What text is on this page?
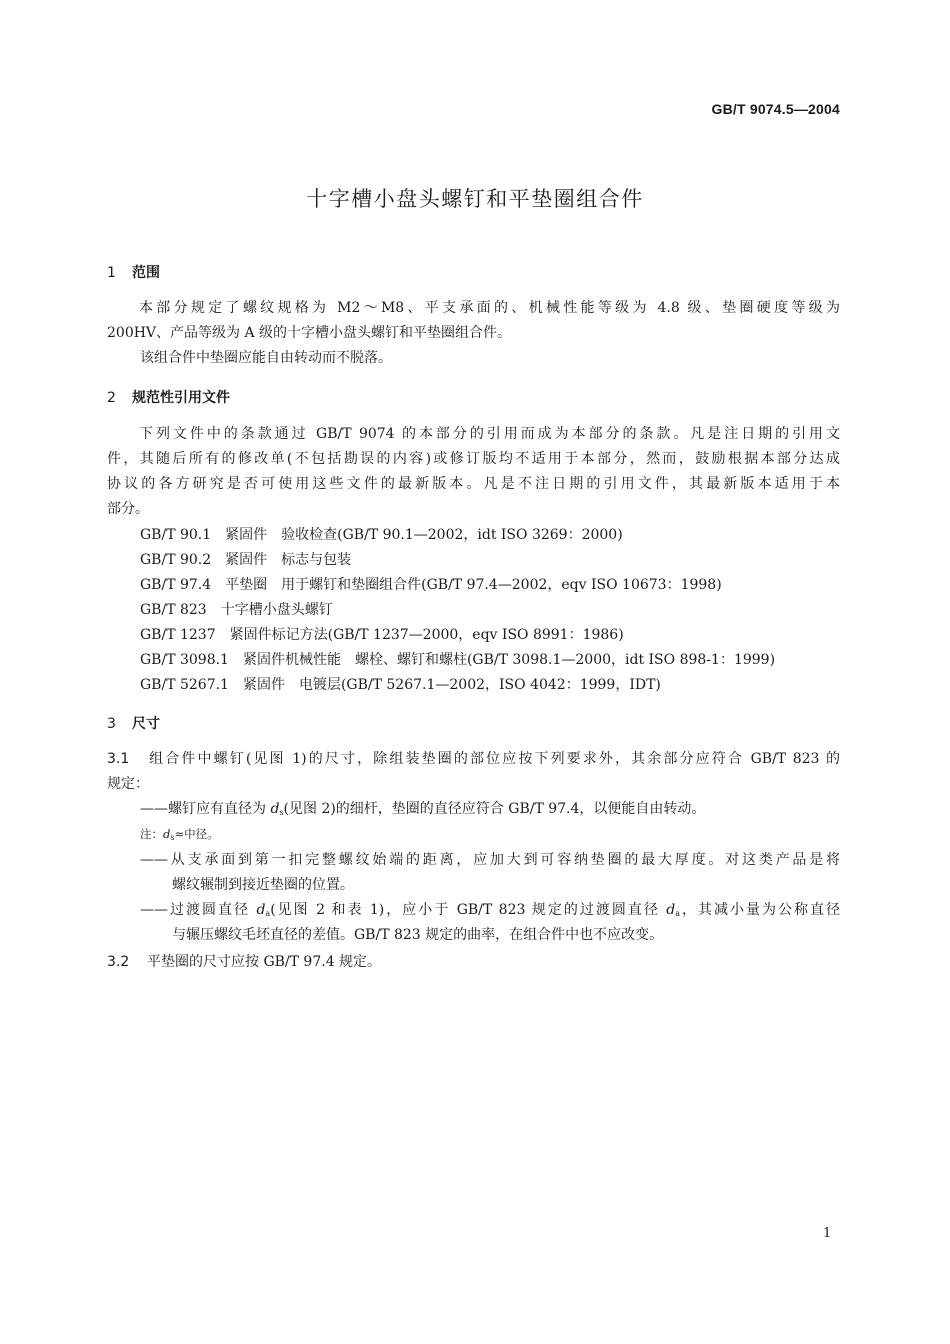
GB/T 9074.5—2004
十字槽小盘头螺钉和平垫圈组合件
1 范围
本部分规定了螺纹规格为 M2～M8、平支承面的、机械性能等级为 4.8 级、垫圈硬度等级为
200HV、产品等级为 A 级的十字槽小盘头螺钉和平垫圈组合件。
该组合件中垫圈应能自由转动而不脱落。
2 规范性引用文件
下列文件中的条款通过 GB/T 9074 的本部分的引用而成为本部分的条款。凡是注日期的引用文
件，其随后所有的修改单(不包括勘误的内容)或修订版均不适用于本部分，然而，鼓励根据本部分达成
协议的各方研究是否可使用这些文件的最新版本。凡是不注日期的引用文件，其最新版本适用于本
部分。
GB/T 90.1　紧固件　验收检查(GB/T 90.1—2002，idt ISO 3269：2000)
GB/T 90.2　紧固件　标志与包装
GB/T 97.4　平垫圈　用于螺钉和垫圈组合件(GB/T 97.4—2002，eqv ISO 10673：1998)
GB/T 823　十字槽小盘头螺钉
GB/T 1237　紧固件标记方法(GB/T 1237—2000，eqv ISO 8991：1986)
GB/T 3098.1　紧固件机械性能　螺栓、螺钉和螺柱(GB/T 3098.1—2000，idt ISO 898-1：1999)
GB/T 5267.1　紧固件　电镀层(GB/T 5267.1—2002，ISO 4042：1999，IDT)
3 尺寸
3.1 组合件中螺钉(见图 1)的尺寸，除组装垫圈的部位应按下列要求外，其余部分应符合 GB/T 823 的
规定：
——螺钉应有直径为 $d_s$(见图 2)的细杆，垫圈的直径应符合 GB/T 97.4，以便能自由转动。
注：$d_s\approx$中径。
——从支承面到第一扣完整螺纹始端的距离，应加大到可容纳垫圈的最大厚度。对这类产品是将
螺纹辗制到接近垫圈的位置。
——过渡圆直径 $d_a$(见图 2 和表 1)，应小于 GB/T 823 规定的过渡圆直径 $d_a$，其减小量为公称直径
与辗压螺纹毛坯直径的差值。GB/T 823 规定的曲率，在组合件中也不应改变。
3.2 平垫圈的尺寸应按 GB/T 97.4 规定。
1
